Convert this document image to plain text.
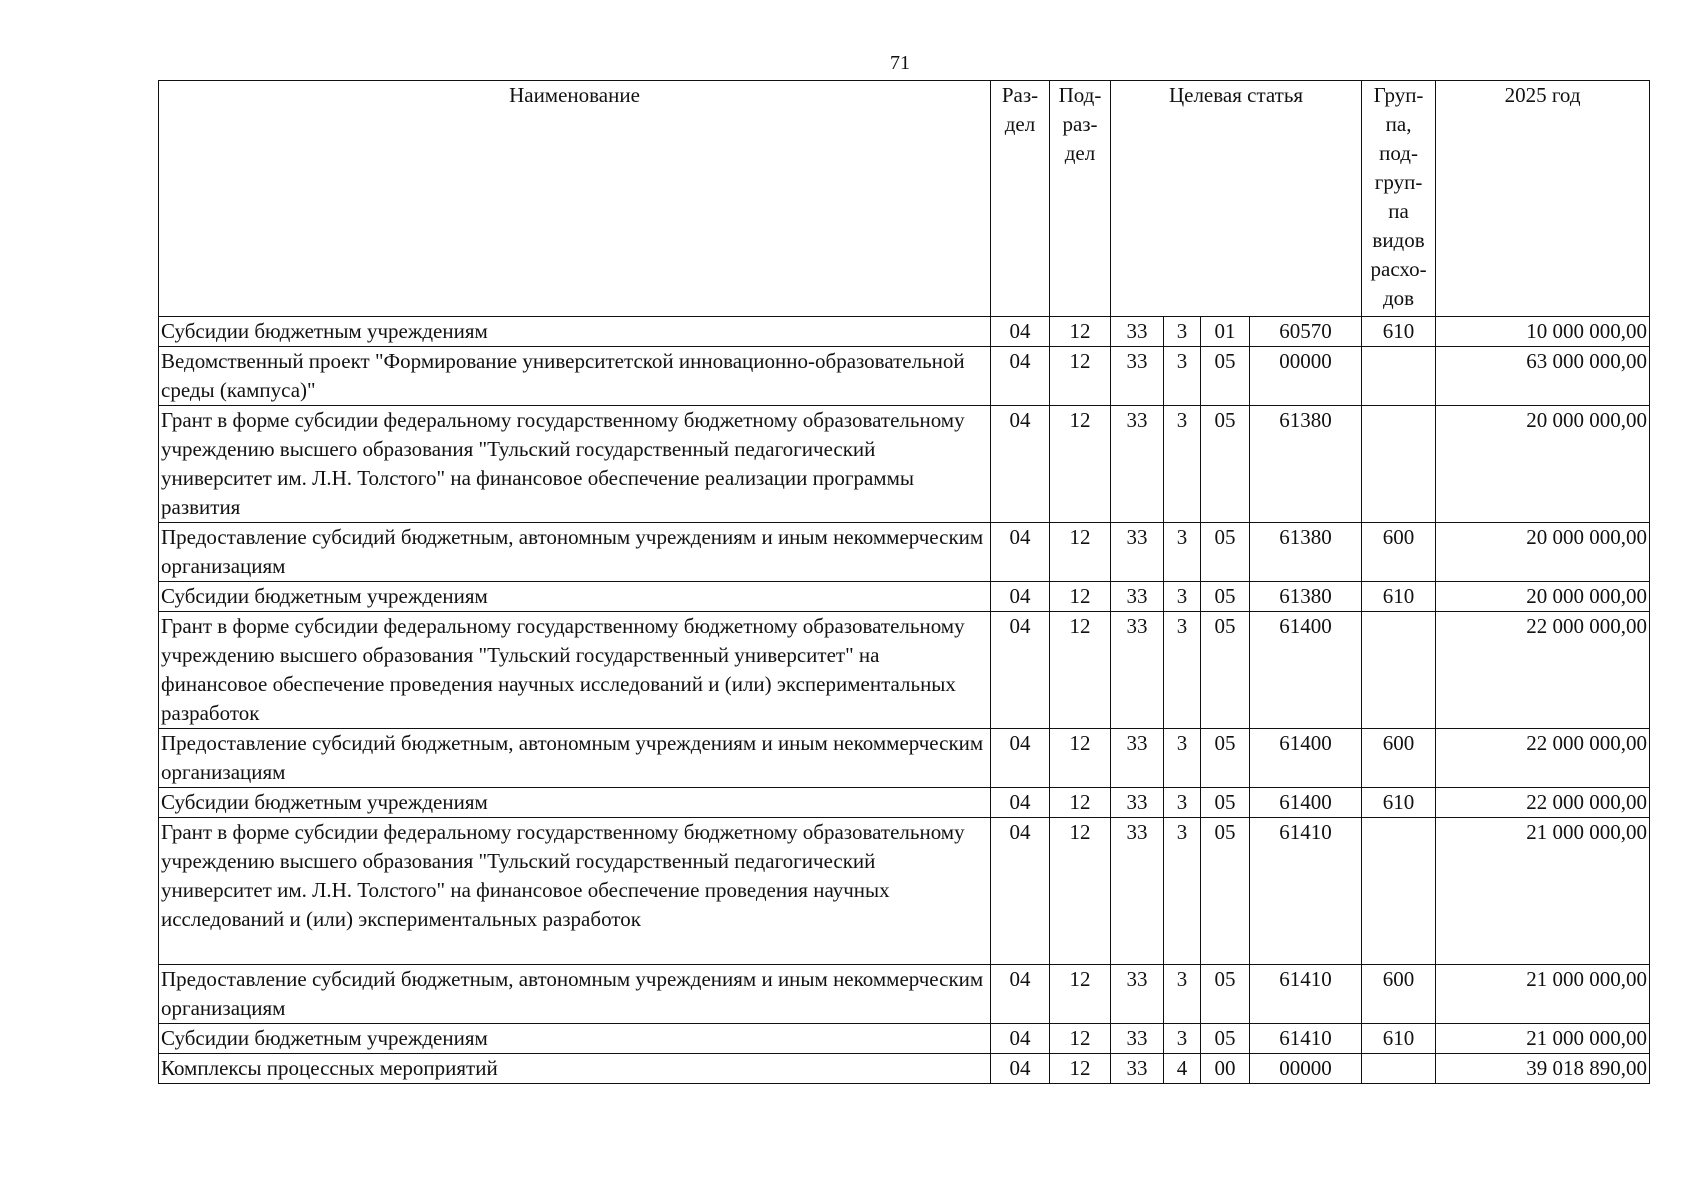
71
Наименование	Раз- дел	Под- раз- дел	Целевая статья				Груп- па, под- груп- па видов расхо- дов	2025 год
Субсидии бюджетным учреждениям	04	12	33	3	01	60570	610	10 000 000,00
Ведомственный проект "Формирование университетской инновационно-образовательной среды (кампуса)"	04	12	33	3	05	00000		63 000 000,00
Грант в форме субсидии федеральному государственному бюджетному образовательному учреждению высшего образования "Тульский государственный педагогический университет им. Л.Н. Толстого" на финансовое обеспечение реализации программы развития	04	12	33	3	05	61380		20 000 000,00
Предоставление субсидий бюджетным, автономным учреждениям и иным некоммерческим организациям	04	12	33	3	05	61380	600	20 000 000,00
Субсидии бюджетным учреждениям	04	12	33	3	05	61380	610	20 000 000,00
Грант в форме субсидии федеральному государственному бюджетному образовательному учреждению высшего образования "Тульский государственный университет" на финансовое обеспечение проведения научных исследований и (или) экспериментальных разработок	04	12	33	3	05	61400		22 000 000,00
Предоставление субсидий бюджетным, автономным учреждениям и иным некоммерческим организациям	04	12	33	3	05	61400	600	22 000 000,00
Субсидии бюджетным учреждениям	04	12	33	3	05	61400	610	22 000 000,00
Грант в форме субсидии федеральному государственному бюджетному образовательному учреждению высшего образования "Тульский государственный педагогический университет им. Л.Н. Толстого" на финансовое обеспечение проведения научных исследований и (или) экспериментальных разработок	04	12	33	3	05	61410		21 000 000,00
Предоставление субсидий бюджетным, автономным учреждениям и иным некоммерческим организациям	04	12	33	3	05	61410	600	21 000 000,00
Субсидии бюджетным учреждениям	04	12	33	3	05	61410	610	21 000 000,00
Комплексы процессных мероприятий	04	12	33	4	00	00000		39 018 890,00
